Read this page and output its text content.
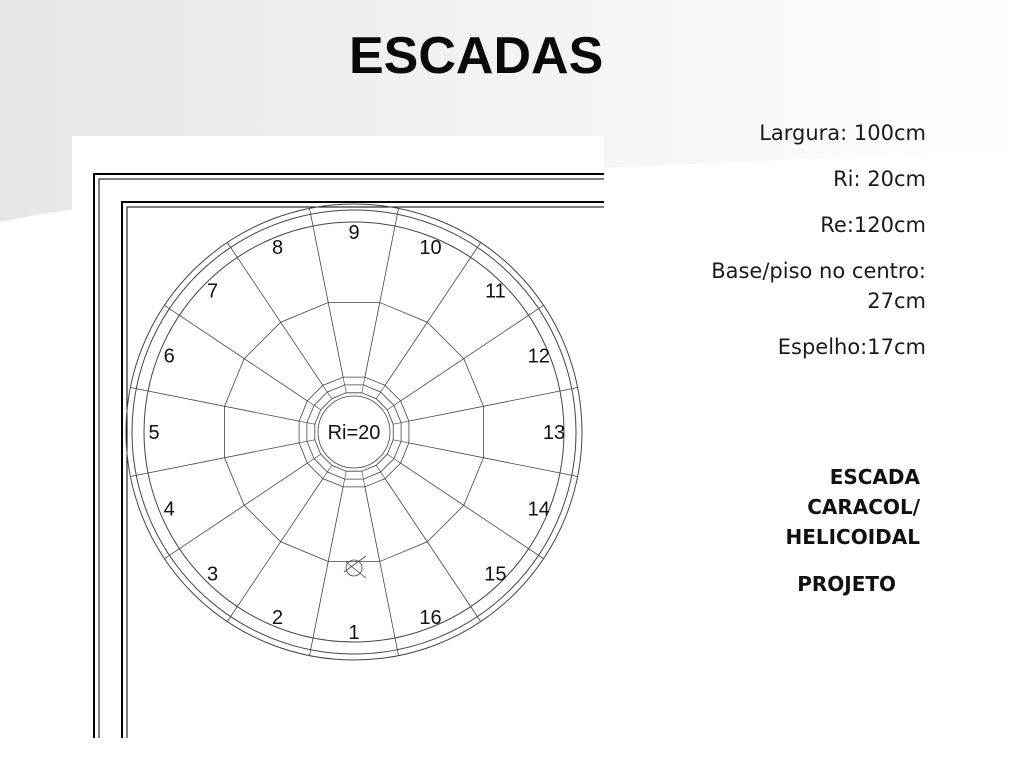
ESCADAS
1
2
3
4
5
6
7
8
9
10
11
12
13
14
15
16
Ri=20
Largura: 100cm
Ri: 20cm
Re:120cm
Base/piso no centro: 27cm
Espelho:17cm
ESCADA
CARACOL/
HELICOIDAL
PROJETO
